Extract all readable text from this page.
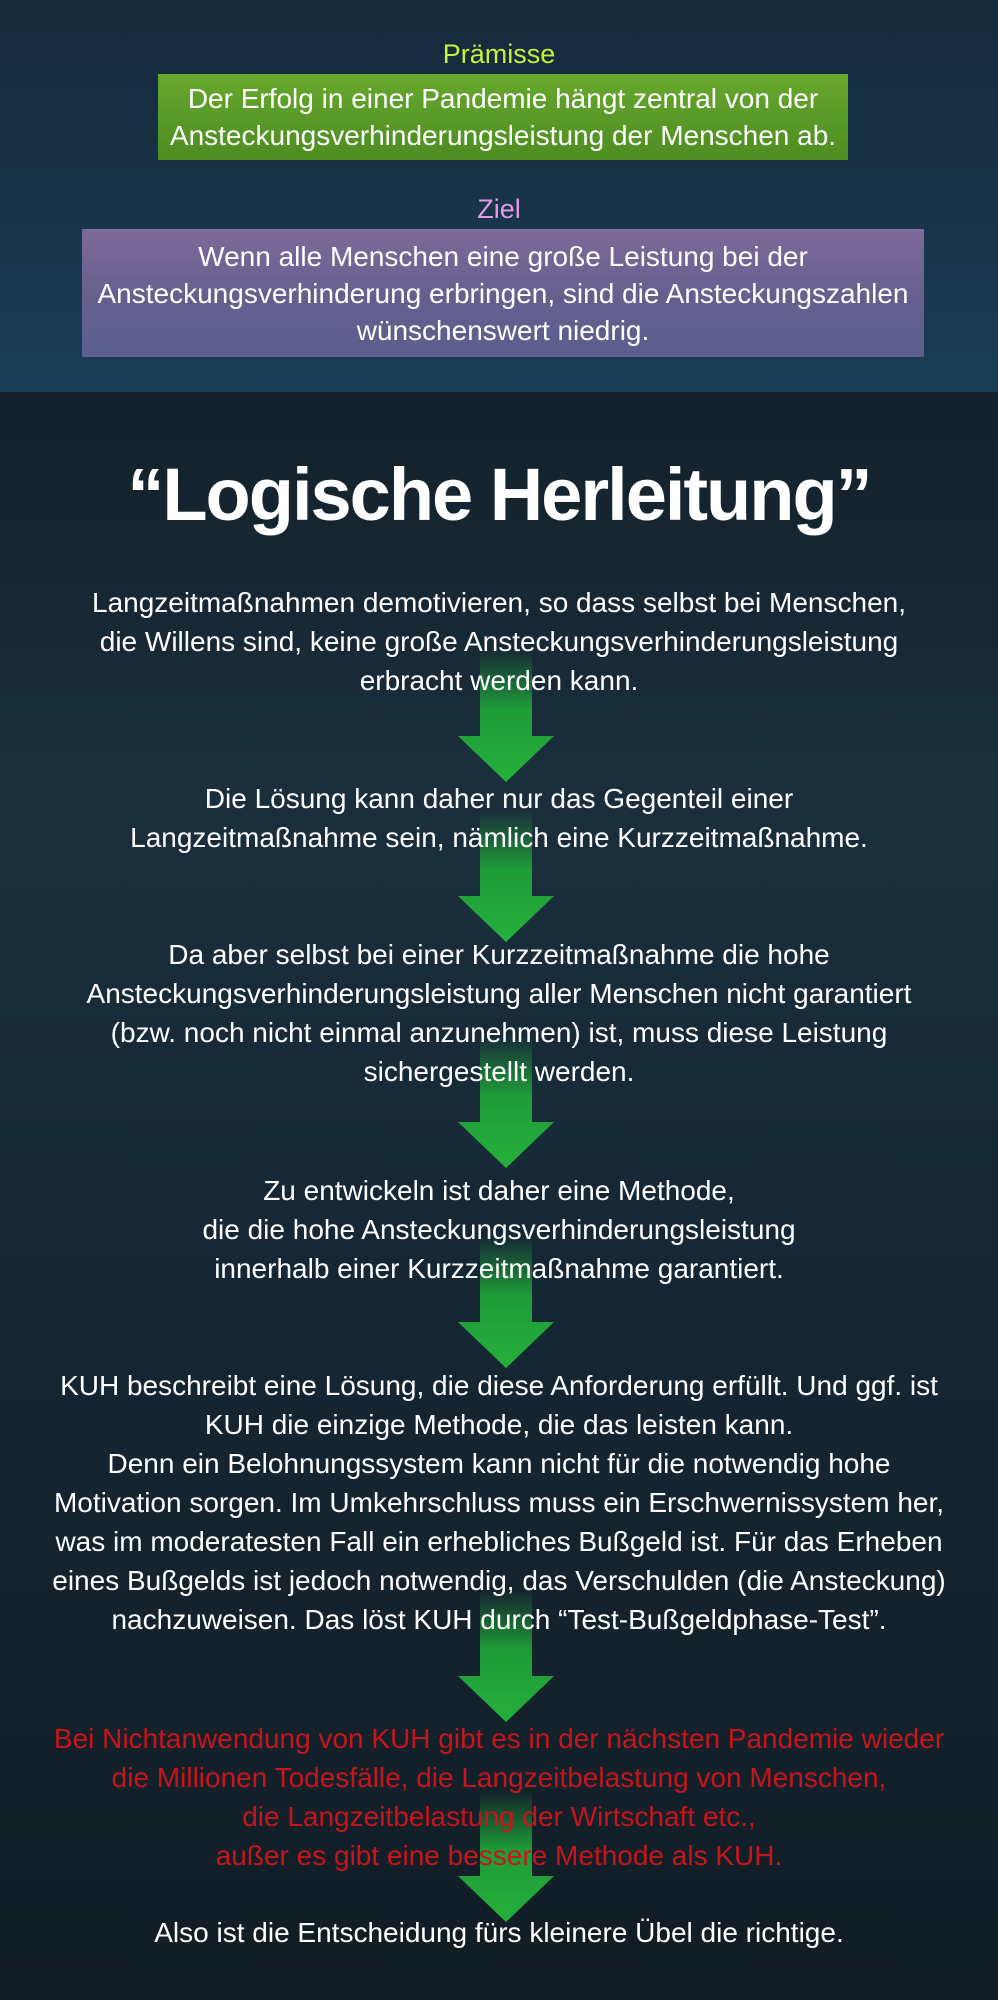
Prämisse
Der Erfolg in einer Pandemie hängt zentral von der
Ansteckungsverhinderungsleistung der Menschen ab.
Ziel
Wenn alle Menschen eine große Leistung bei der
Ansteckungsverhinderung erbringen, sind die Ansteckungszahlen
wünschenswert niedrig.
“Logische Herleitung”
Langzeitmaßnahmen demotivieren, so dass selbst bei Menschen,
die Willens sind, keine große Ansteckungsverhinderungsleistung
erbracht werden kann.
Die Lösung kann daher nur das Gegenteil einer
Langzeitmaßnahme sein, nämlich eine Kurzzeitmaßnahme.
Da aber selbst bei einer Kurzzeitmaßnahme die hohe
Ansteckungsverhinderungsleistung aller Menschen nicht garantiert
(bzw. noch nicht einmal anzunehmen) ist, muss diese Leistung
sichergestellt werden.
Zu entwickeln ist daher eine Methode,
die die hohe Ansteckungsverhinderungsleistung
innerhalb einer Kurzzeitmaßnahme garantiert.
KUH beschreibt eine Lösung, die diese Anforderung erfüllt. Und ggf. ist
KUH die einzige Methode, die das leisten kann.
Denn ein Belohnungssystem kann nicht für die notwendig hohe
Motivation sorgen. Im Umkehrschluss muss ein Erschwernissystem her,
was im moderatesten Fall ein erhebliches Bußgeld ist. Für das Erheben
eines Bußgelds ist jedoch notwendig, das Verschulden (die Ansteckung)
nachzuweisen. Das löst KUH durch “Test-Bußgeldphase-Test”.
Bei Nichtanwendung von KUH gibt es in der nächsten Pandemie wieder
die Millionen Todesfälle, die Langzeitbelastung von Menschen,
die Langzeitbelastung der Wirtschaft etc.,
außer es gibt eine bessere Methode als KUH.
Also ist die Entscheidung fürs kleinere Übel die richtige.
